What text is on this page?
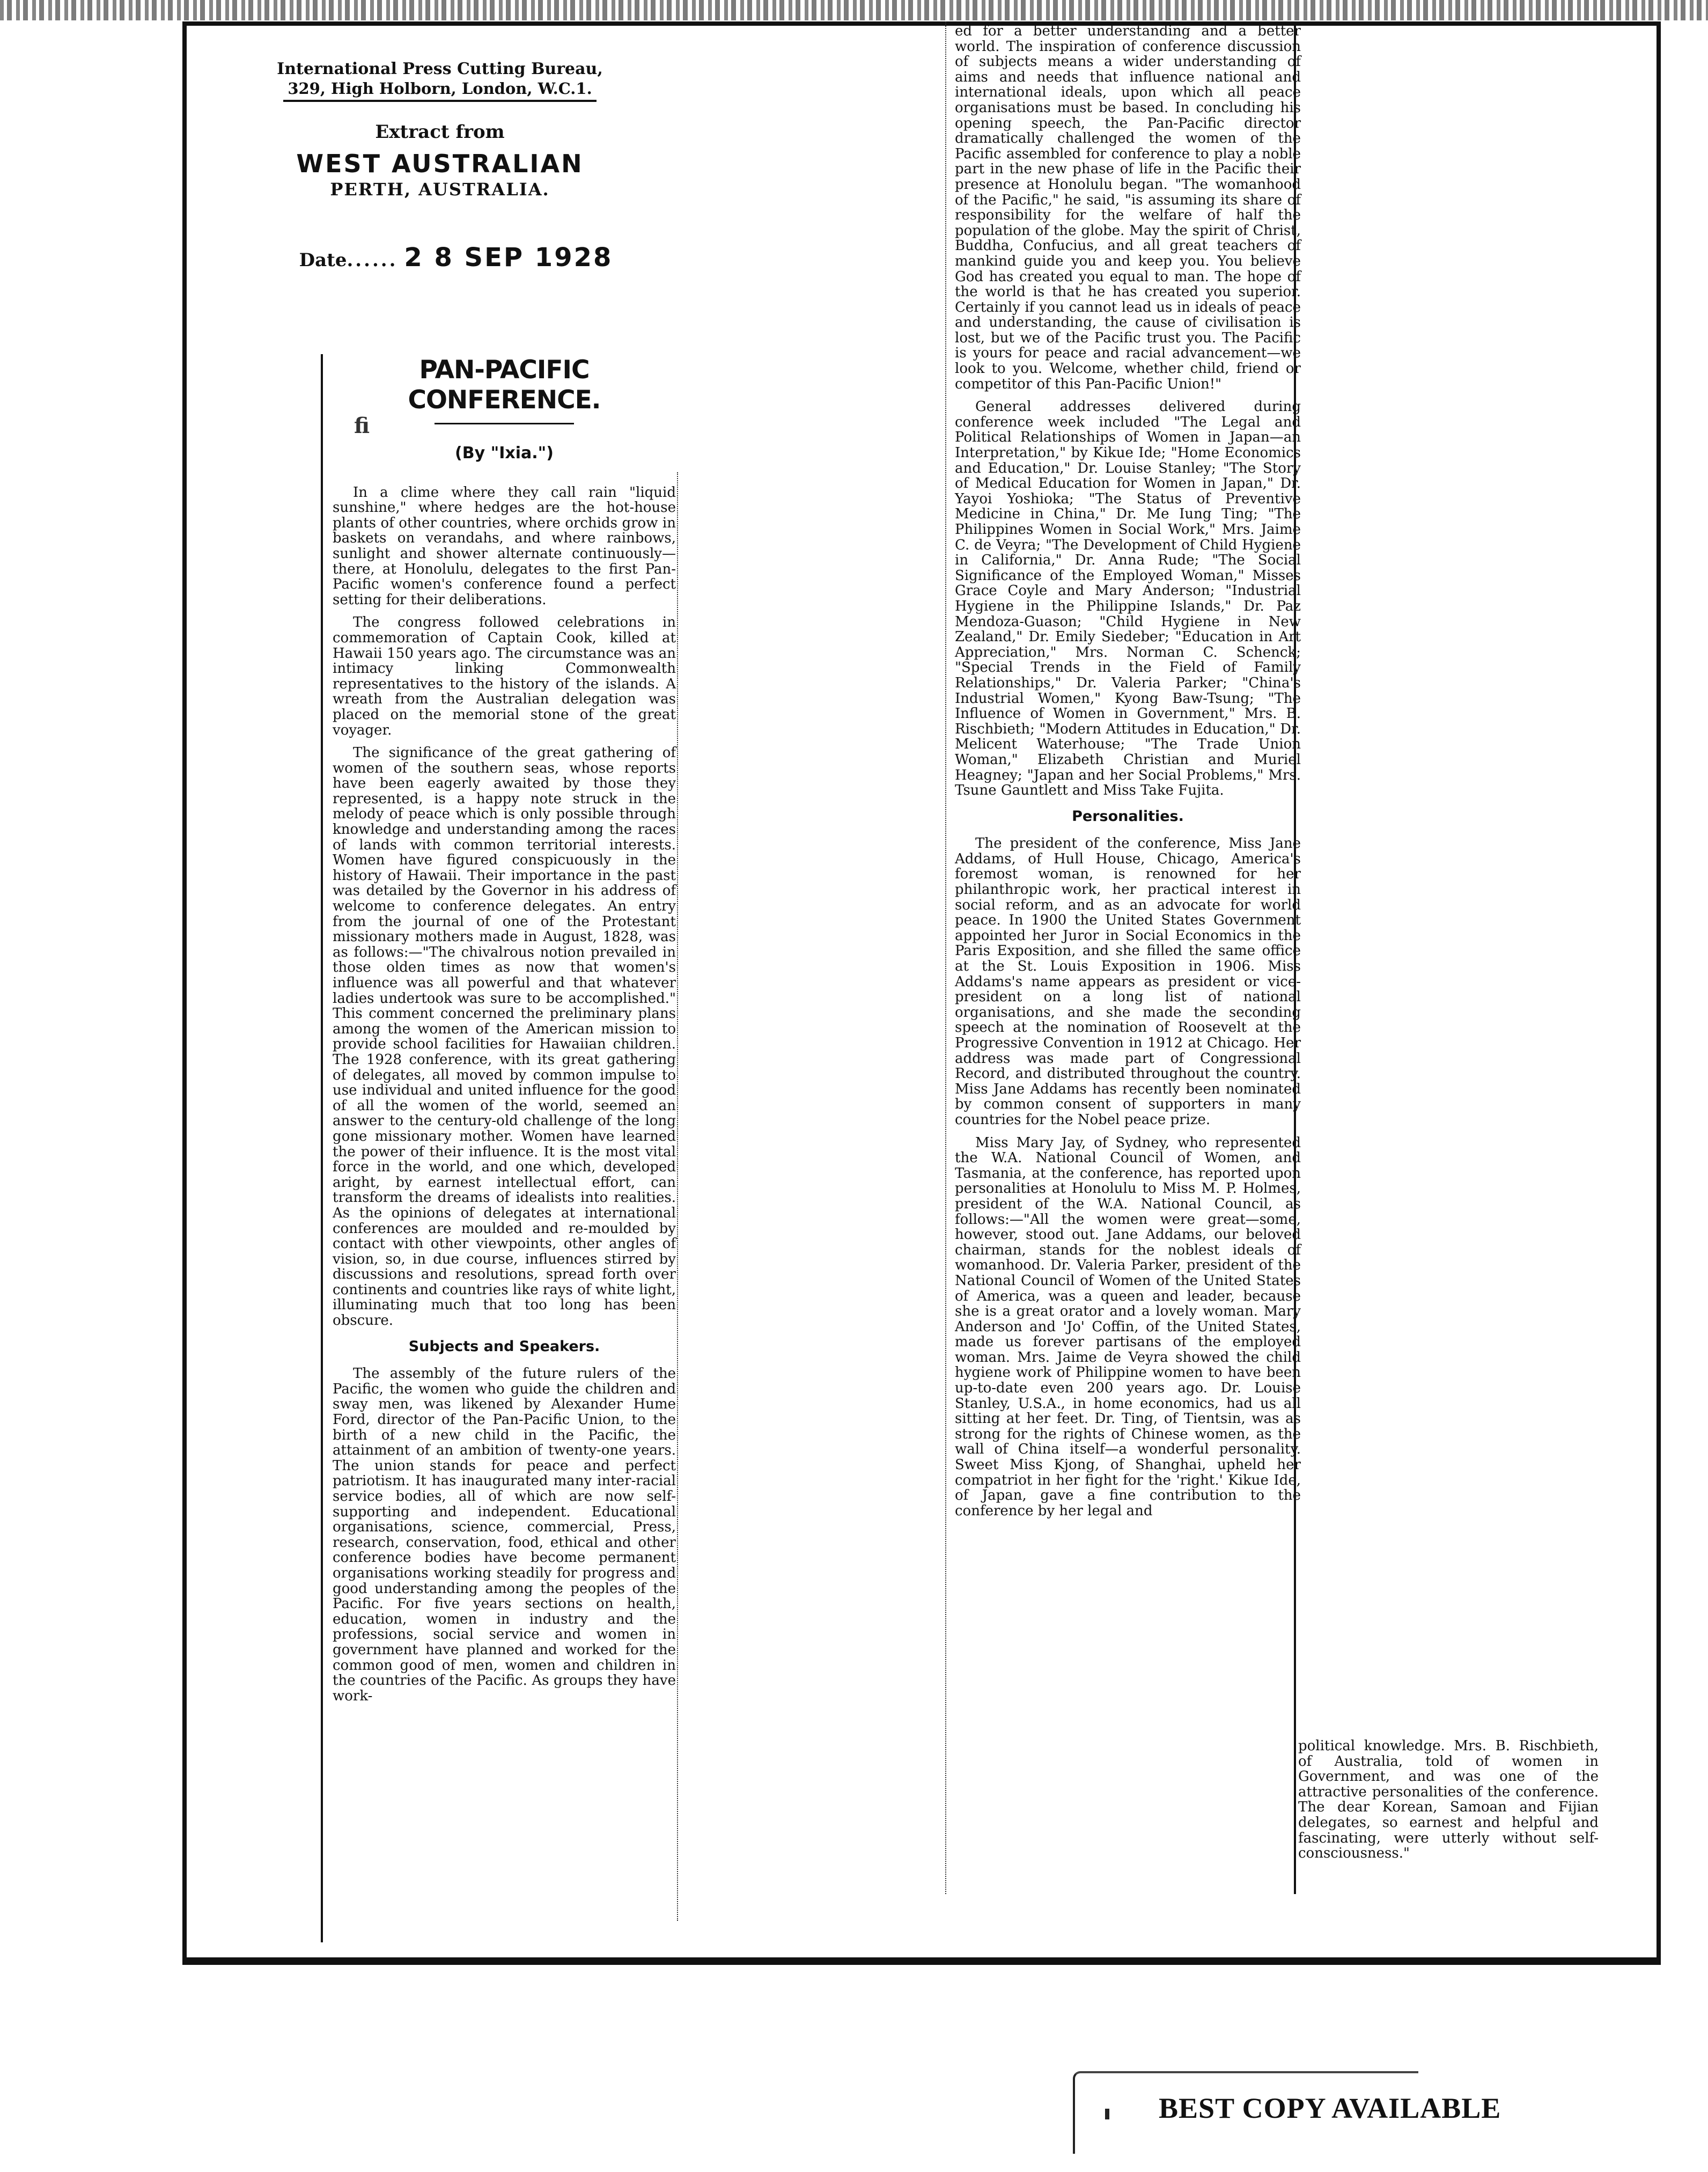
International Press Cutting Bureau,
329, High Holborn, London, W.C.1.
Extract from
WEST AUSTRALIAN
PERTH, AUSTRALIA.
Date...... 2 8 SEP 1928
PAN-PACIFIC CONFERENCE.
(By "Ixia.")

In a clime where they call rain "liquid sunshine," where hedges are the hot-house plants of other countries, where orchids grow in baskets on verandahs, and where rainbows, sunlight and shower alternate continuously—there, at Honolulu, delegates to the first Pan-Pacific women's conference found a perfect setting for their deliberations.

The congress followed celebrations in commemoration of Captain Cook, killed at Hawaii 150 years ago. The circumstance was an intimacy linking Commonwealth representatives to the history of the islands. A wreath from the Australian delegation was placed on the memorial stone of the great voyager.

The significance of the great gathering of women of the southern seas, whose reports have been eagerly awaited by those they represented, is a happy note struck in the melody of peace which is only possible through knowledge and understanding among the races of lands with common territorial interests. Women have figured conspicuously in the history of Hawaii. Their importance in the past was detailed by the Governor in his address of welcome to conference delegates. An entry from the journal of one of the Protestant missionary mothers made in August, 1828, was as follows:—"The chivalrous notion prevailed in those olden times as now that women's influence was all powerful and that whatever ladies undertook was sure to be accomplished." This comment concerned the preliminary plans among the women of the American mission to provide school facilities for Hawaiian children. The 1928 conference, with its great gathering of delegates, all moved by common impulse to use individual and united influence for the good of all the women of the world, seemed an answer to the century-old challenge of the long gone missionary mother. Women have learned the power of their influence. It is the most vital force in the world, and one which, developed aright, by earnest intellectual effort, can transform the dreams of idealists into realities. As the opinions of delegates at international conferences are moulded and re-moulded by contact with other viewpoints, other angles of vision, so, in due course, influences stirred by discussions and resolutions, spread forth over continents and countries like rays of white light, illuminating much that too long has been obscure.

Subjects and Speakers.

The assembly of the future rulers of the Pacific, the women who guide the children and sway men, was likened by Alexander Hume Ford, director of the Pan-Pacific Union, to the birth of a new child in the Pacific, the attainment of an ambition of twenty-one years. The union stands for peace and perfect patriotism. It has inaugurated many inter-racial service bodies, all of which are now self-supporting and independent. Educational organisations, science, commercial, Press, research, conservation, food, ethical and other conference bodies have become permanent organisations working steadily for progress and good understanding among the peoples of the Pacific. For five years sections on health, education, women in industry and the professions, social service and women in government have planned and worked for the common good of men, women and children in the countries of the Pacific. As groups they have work-

ed for a better understanding and a better world. The inspiration of conference discussion of subjects means a wider understanding of aims and needs that influence national and international ideals, upon which all peace organisations must be based. In concluding his opening speech, the Pan-Pacific director dramatically challenged the women of the Pacific assembled for conference to play a noble part in the new phase of life in the Pacific their presence at Honolulu began. "The womanhood of the Pacific," he said, "is assuming its share of responsibility for the welfare of half the population of the globe. May the spirit of Christ, Buddha, Confucius, and all great teachers of mankind guide you and keep you. You believe God has created you equal to man. The hope of the world is that he has created you superior. Certainly if you cannot lead us in ideals of peace and understanding, the cause of civilisation is lost, but we of the Pacific trust you. The Pacific is yours for peace and racial advancement—we look to you. Welcome, whether child, friend or competitor of this Pan-Pacific Union!"

General addresses delivered during conference week included "The Legal and Political Relationships of Women in Japan—an Interpretation," by Kikue Ide; "Home Economics and Education," Dr. Louise Stanley; "The Story of Medical Education for Women in Japan," Dr. Yayoi Yoshioka; "The Status of Preventive Medicine in China," Dr. Me Iung Ting; "The Philippines Women in Social Work," Mrs. Jaime C. de Veyra; "The Development of Child Hygiene in California," Dr. Anna Rude; "The Social Significance of the Employed Woman," Misses Grace Coyle and Mary Anderson; "Industrial Hygiene in the Philippine Islands," Dr. Paz Mendoza-Guason; "Child Hygiene in New Zealand," Dr. Emily Siedeber; "Education in Art Appreciation," Mrs. Norman C. Schenck; "Special Trends in the Field of Family Relationships," Dr. Valeria Parker; "China's Industrial Women," Kyong Baw-Tsung; "The Influence of Women in Government," Mrs. B. Rischbieth; "Modern Attitudes in Education," Dr. Melicent Waterhouse; "The Trade Union Woman," Elizabeth Christian and Muriel Heagney; "Japan and her Social Problems," Mrs. Tsune Gauntlett and Miss Take Fujita.

Personalities.

The president of the conference, Miss Jane Addams, of Hull House, Chicago, America's foremost woman, is renowned for her philanthropic work, her practical interest in social reform, and as an advocate for world peace. In 1900 the United States Government appointed her Juror in Social Economics in the Paris Exposition, and she filled the same office at the St. Louis Exposition in 1906. Miss Addams's name appears as president or vice-president on a long list of national organisations, and she made the seconding speech at the nomination of Roosevelt at the Progressive Convention in 1912 at Chicago. Her address was made part of Congressional Record, and distributed throughout the country. Miss Jane Addams has recently been nominated by common consent of supporters in many countries for the Nobel peace prize.

Miss Mary Jay, of Sydney, who represented the W.A. National Council of Women, and Tasmania, at the conference, has reported upon personalities at Honolulu to Miss M. P. Holmes, president of the W.A. National Council, as follows:—"All the women were great—some, however, stood out. Jane Addams, our beloved chairman, stands for the noblest ideals of womanhood. Dr. Valeria Parker, president of the National Council of Women of the United States of America, was a queen and leader, because she is a great orator and a lovely woman. Mary Anderson and 'Jo' Coffin, of the United States, made us forever partisans of the employed woman. Mrs. Jaime de Veyra showed the child hygiene work of Philippine women to have been up-to-date even 200 years ago. Dr. Louise Stanley, U.S.A., in home economics, had us all sitting at her feet. Dr. Ting, of Tientsin, was as strong for the rights of Chinese women, as the wall of China itself—a wonderful personality. Sweet Miss Kjong, of Shanghai, upheld her compatriot in her fight for the 'right.' Kikue Ide, of Japan, gave a fine contribution to the conference by her legal and

political knowledge. Mrs. B. Rischbieth, of Australia, told of women in Government, and was one of the attractive personalities of the conference. The dear Korean, Samoan and Fijian delegates, so earnest and helpful and fascinating, were utterly without self-consciousness."

ﬁ
BEST COPY AVAILABLE
